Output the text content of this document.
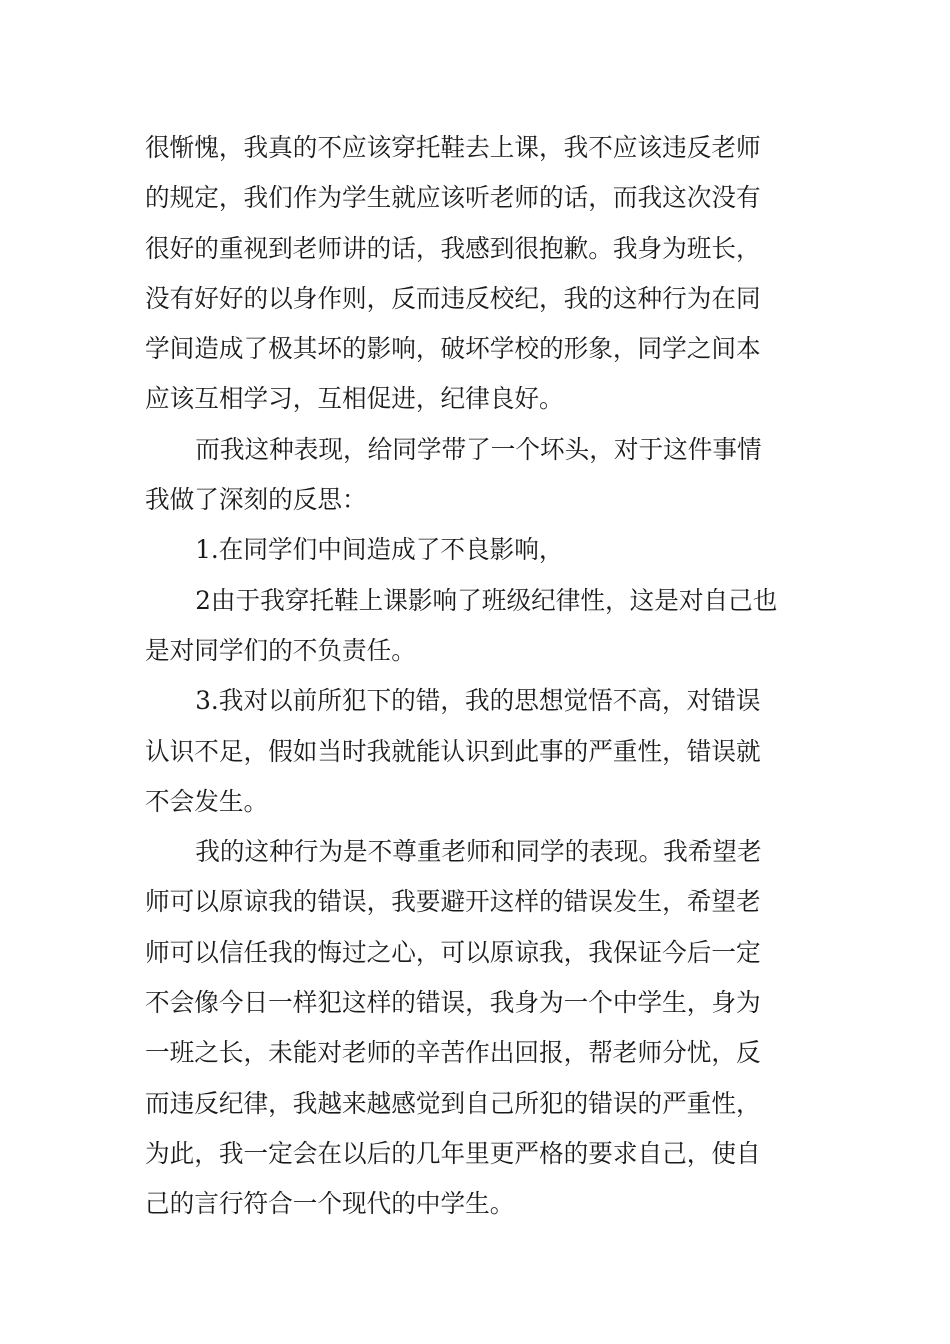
很惭愧，我真的不应该穿托鞋去上课，我不应该违反老师
的规定，我们作为学生就应该听老师的话，而我这次没有
很好的重视到老师讲的话，我感到很抱歉。我身为班长，
没有好好的以身作则，反而违反校纪，我的这种行为在同
学间造成了极其坏的影响，破坏学校的形象，同学之间本
应该互相学习，互相促进，纪律良好。
而我这种表现，给同学带了一个坏头，对于这件事情
我做了深刻的反思：
1.在同学们中间造成了不良影响，
2由于我穿托鞋上课影响了班级纪律性，这是对自己也
是对同学们的不负责任。
3.我对以前所犯下的错，我的思想觉悟不高，对错误
认识不足，假如当时我就能认识到此事的严重性，错误就
不会发生。
我的这种行为是不尊重老师和同学的表现。我希望老
师可以原谅我的错误，我要避开这样的错误发生，希望老
师可以信任我的悔过之心，可以原谅我，我保证今后一定
不会像今日一样犯这样的错误，我身为一个中学生，身为
一班之长，未能对老师的辛苦作出回报，帮老师分忧，反
而违反纪律，我越来越感觉到自己所犯的错误的严重性，
为此，我一定会在以后的几年里更严格的要求自己，使自
己的言行符合一个现代的中学生。
